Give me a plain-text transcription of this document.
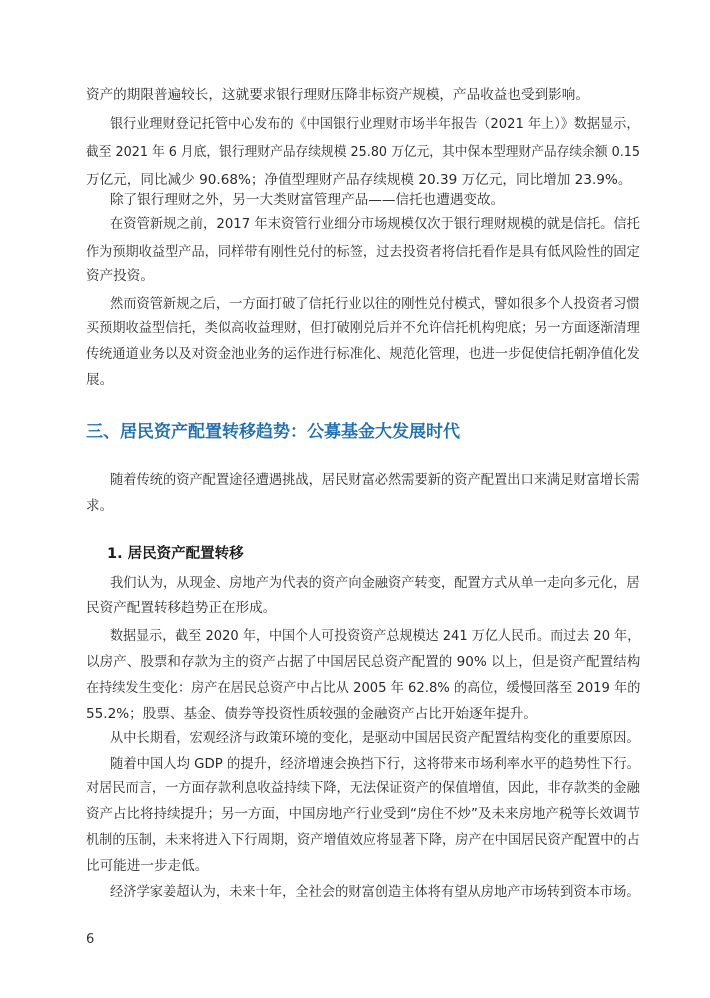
资产的期限普遍较长，这就要求银行理财压降非标资产规模，产品收益也受到影响。
银行业理财登记托管中心发布的《中国银行业理财市场半年报告（2021 年上）》数据显示，
截至 2021 年 6 月底，银行理财产品存续规模 25.80 万亿元，其中保本型理财产品存续余额 0.15
万亿元，同比减少 90.68%；净值型理财产品存续规模 20.39 万亿元，同比增加 23.9%。
除了银行理财之外，另一大类财富管理产品——信托也遭遇变故。
在资管新规之前，2017 年末资管行业细分市场规模仅次于银行理财规模的就是信托。信托
作为预期收益型产品，同样带有刚性兑付的标签，过去投资者将信托看作是具有低风险性的固定
资产投资。
然而资管新规之后，一方面打破了信托行业以往的刚性兑付模式，譬如很多个人投资者习惯
买预期收益型信托，类似高收益理财，但打破刚兑后并不允许信托机构兜底；另一方面逐渐清理
传统通道业务以及对资金池业务的运作进行标准化、规范化管理，也进一步促使信托朝净值化发
展。
三、居民资产配置转移趋势：公募基金大发展时代
随着传统的资产配置途径遭遇挑战，居民财富必然需要新的资产配置出口来满足财富增长需
求。
1. 居民资产配置转移
我们认为，从现金、房地产为代表的资产向金融资产转变，配置方式从单一走向多元化，居
民资产配置转移趋势正在形成。
数据显示，截至 2020 年，中国个人可投资资产总规模达 241 万亿人民币。而过去 20 年，
以房产、股票和存款为主的资产占据了中国居民总资产配置的 90% 以上，但是资产配置结构
在持续发生变化：房产在居民总资产中占比从 2005 年 62.8% 的高位，缓慢回落至 2019 年的
55.2%；股票、基金、债券等投资性质较强的金融资产占比开始逐年提升。
从中长期看，宏观经济与政策环境的变化，是驱动中国居民资产配置结构变化的重要原因。
随着中国人均 GDP 的提升，经济增速会换挡下行，这将带来市场利率水平的趋势性下行。
对居民而言，一方面存款利息收益持续下降，无法保证资产的保值增值，因此，非存款类的金融
资产占比将持续提升；另一方面，中国房地产行业受到“房住不炒”及未来房地产税等长效调节
机制的压制，未来将进入下行周期，资产增值效应将显著下降，房产在中国居民资产配置中的占
比可能进一步走低。
经济学家姜超认为，未来十年，全社会的财富创造主体将有望从房地产市场转到资本市场。
6
